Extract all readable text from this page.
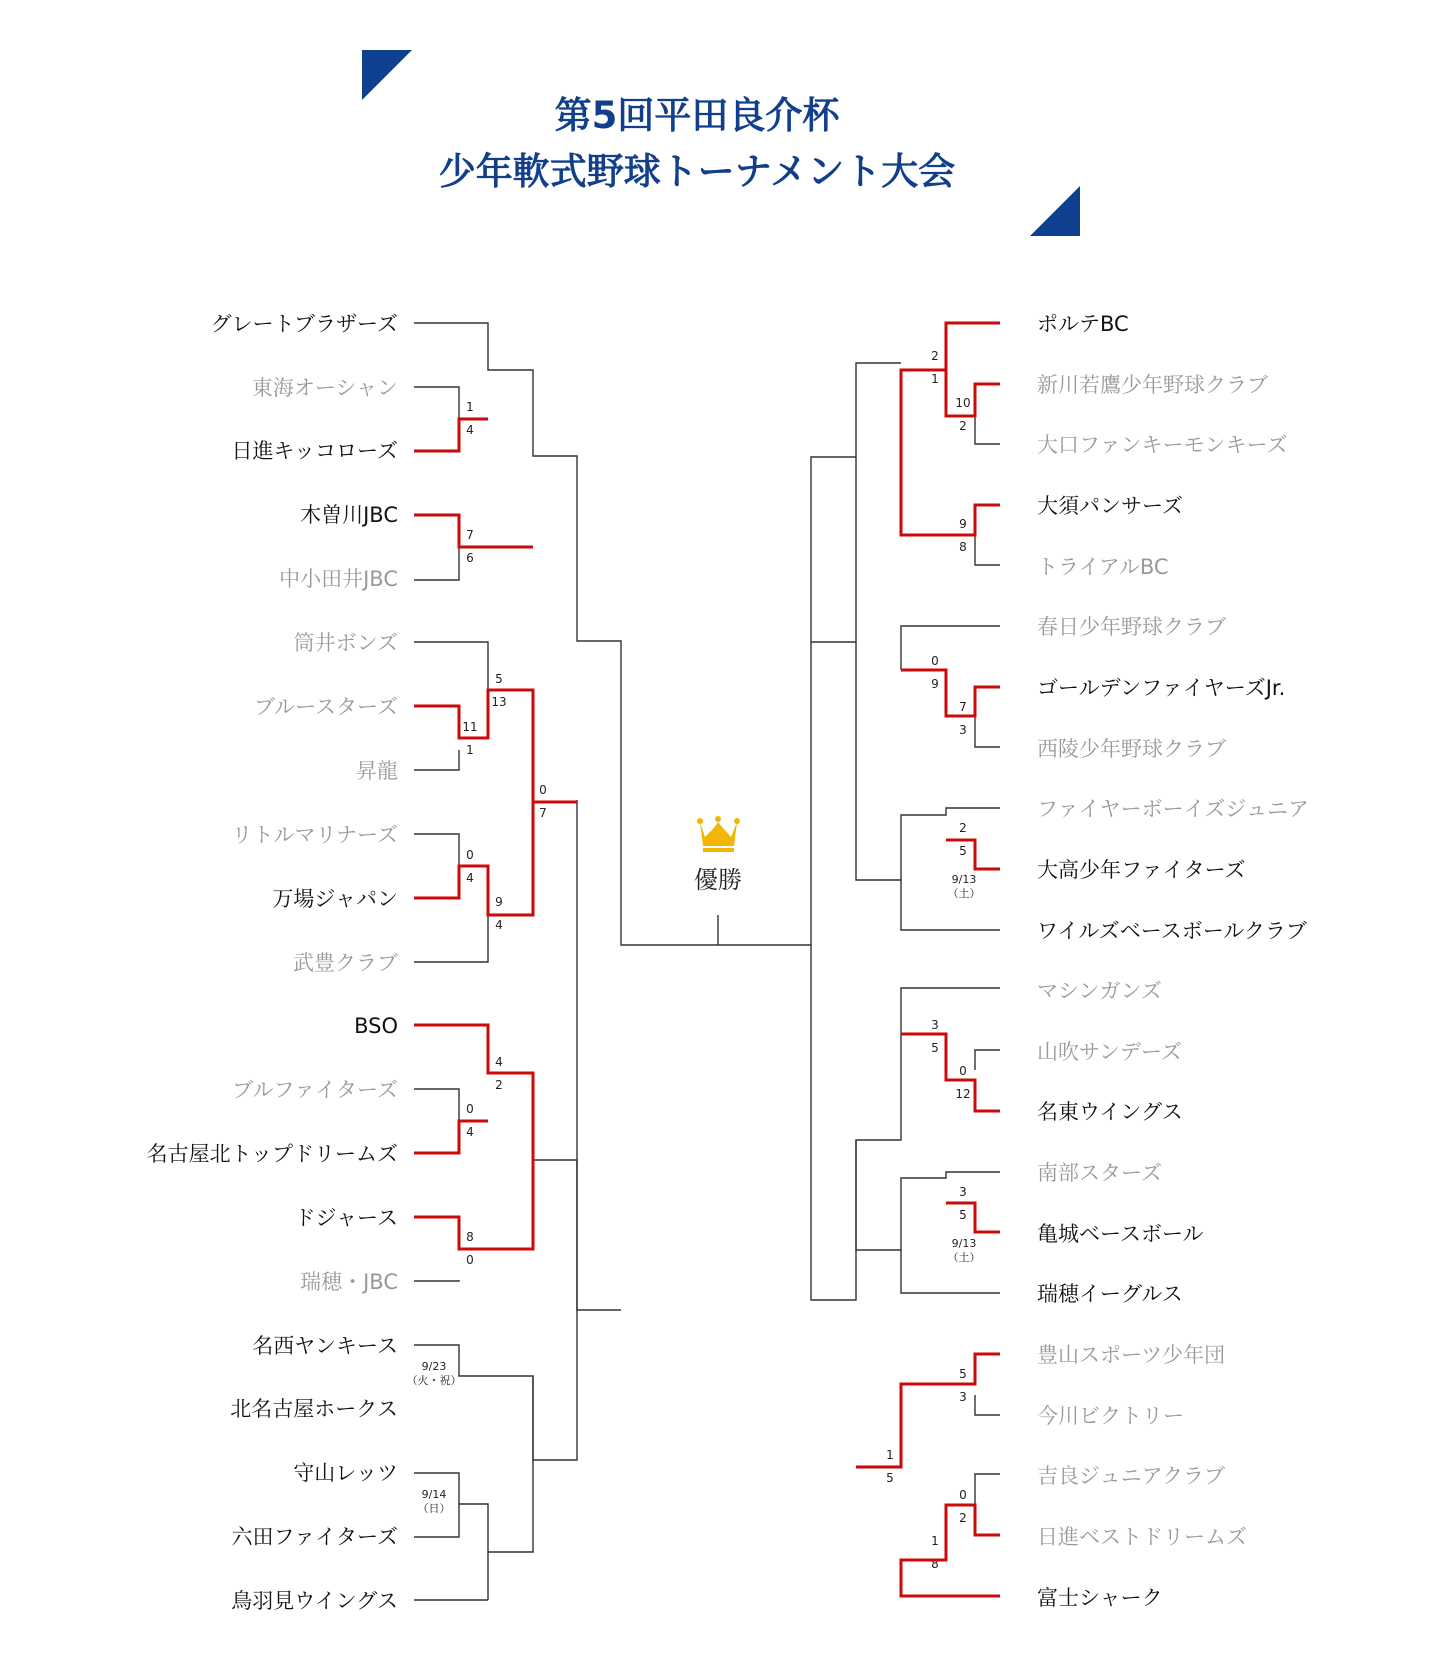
第5回平田良介杯
少年軟式野球トーナメント大会
グレートブラザーズ
東海オーシャン
日進キッコローズ
木曽川JBC
中小田井JBC
筒井ボンズ
ブルースターズ
昇龍
リトルマリナーズ
万場ジャパン
武豊クラブ
BSO
ブルファイターズ
名古屋北トップドリームズ
ドジャース
瑞穂・JBC
名西ヤンキース
北名古屋ホークス
守山レッツ
六田ファイターズ
鳥羽見ウイングス
ポルテBC
新川若鷹少年野球クラブ
大口ファンキーモンキーズ
大須パンサーズ
トライアルBC
春日少年野球クラブ
ゴールデンファイヤーズJr.
西陵少年野球クラブ
ファイヤーボーイズジュニア
大高少年ファイターズ
ワイルズベースボールクラブ
マシンガンズ
山吹サンデーズ
名東ウイングス
南部スターズ
亀城ベースボール
瑞穂イーグルス
豊山スポーツ少年団
今川ビクトリー
吉良ジュニアクラブ
日進ベストドリームズ
富士シャーク
1
4
7
6
11
1
5
13
0
4
9
4
0
7
4
2
0
4
8
0
2
1
10
2
9
8
0
9
7
3
2
5
3
5
0
12
3
5
5
3
0
2
1
8
1
5
9/23
（火・祝）
9/14
（日）
9/13
（土）
9/13
（土）
優勝
